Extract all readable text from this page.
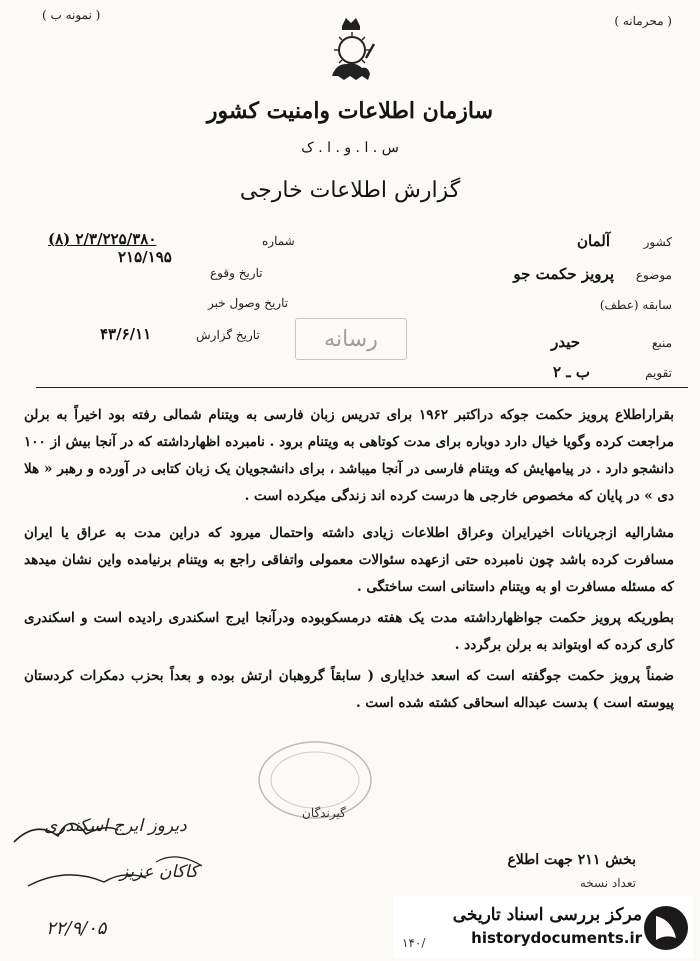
( نمونه ب )	( محرمانه )
سازمان اطلاعات وامنیت کشور
س . ا . و . ا . ک
گزارش اطلاعات خارجی
کشور
آلمان
موضوع
پرویز حکمت جو
سابقه (عطف)
منبع
حیدر
تقویم
ب ـ ۲
شماره
۲/۳/۲۲۵/۳۸۰ (۸)
۲۱۵/۱۹۵
تاریخ وقوع
تاریخ وصول خبر
تاریخ گزارش
۴۳/۶/۱۱	رسانه
بقراراطلاع پرویز حکمت جوکه دراکتبر ۱۹۶۲ برای تدریس زبان فارسی به ویتنام شمالی رفته بود اخیراً به برلن مراجعت کرده وگویا خیال دارد دوباره برای مدت کوتاهی به ویتنام برود . نامبرده اظهارداشته که در آنجا بیش از ۱۰۰ دانشجو دارد . در پیامهایش که ویتنام فارسی در آنجا میباشد ، برای دانشجویان یک زبان کتابی در آورده و رهبر « هلا دی » در پایان که مخصوص خارجی ها درست کرده اند زندگی میکرده است .
مشارالیه ازجریانات اخیرایران وعراق اطلاعات زیادی داشته واحتمال میرود که دراین مدت به عراق یا ایران مسافرت کرده باشد چون نامبرده حتی ازعهده سئوالات معمولی واتفاقی راجع به ویتنام برنیامده واین نشان میدهد که مسئله مسافرت او به ویتنام داستانی است ساختگی .
بطوریکه پرویز حکمت جواظهارداشته مدت یک هفته درمسکوبوده ودرآنجا ایرج اسکندری رادیده است و اسکندری کاری کرده که اوبتواند به برلن برگردد .
ضمناً پرویز حکمت جوگفته است که اسعد خدایاری ( سابقاً گروهبان ارتش بوده و بعداً بحزب دمکرات کردستان پیوسته است ) بدست عبداله اسحاقی کشته شده است .
گیرندگان
دیروز ایرج اسکندری
کاکان عزیز
۲۲/۹/۰۵
بخش ۲۱۱ جهت اطلاع
تعداد نسخه
مرکز بررسی اسناد تاریخی
historydocuments.ir
۱۴۰/
